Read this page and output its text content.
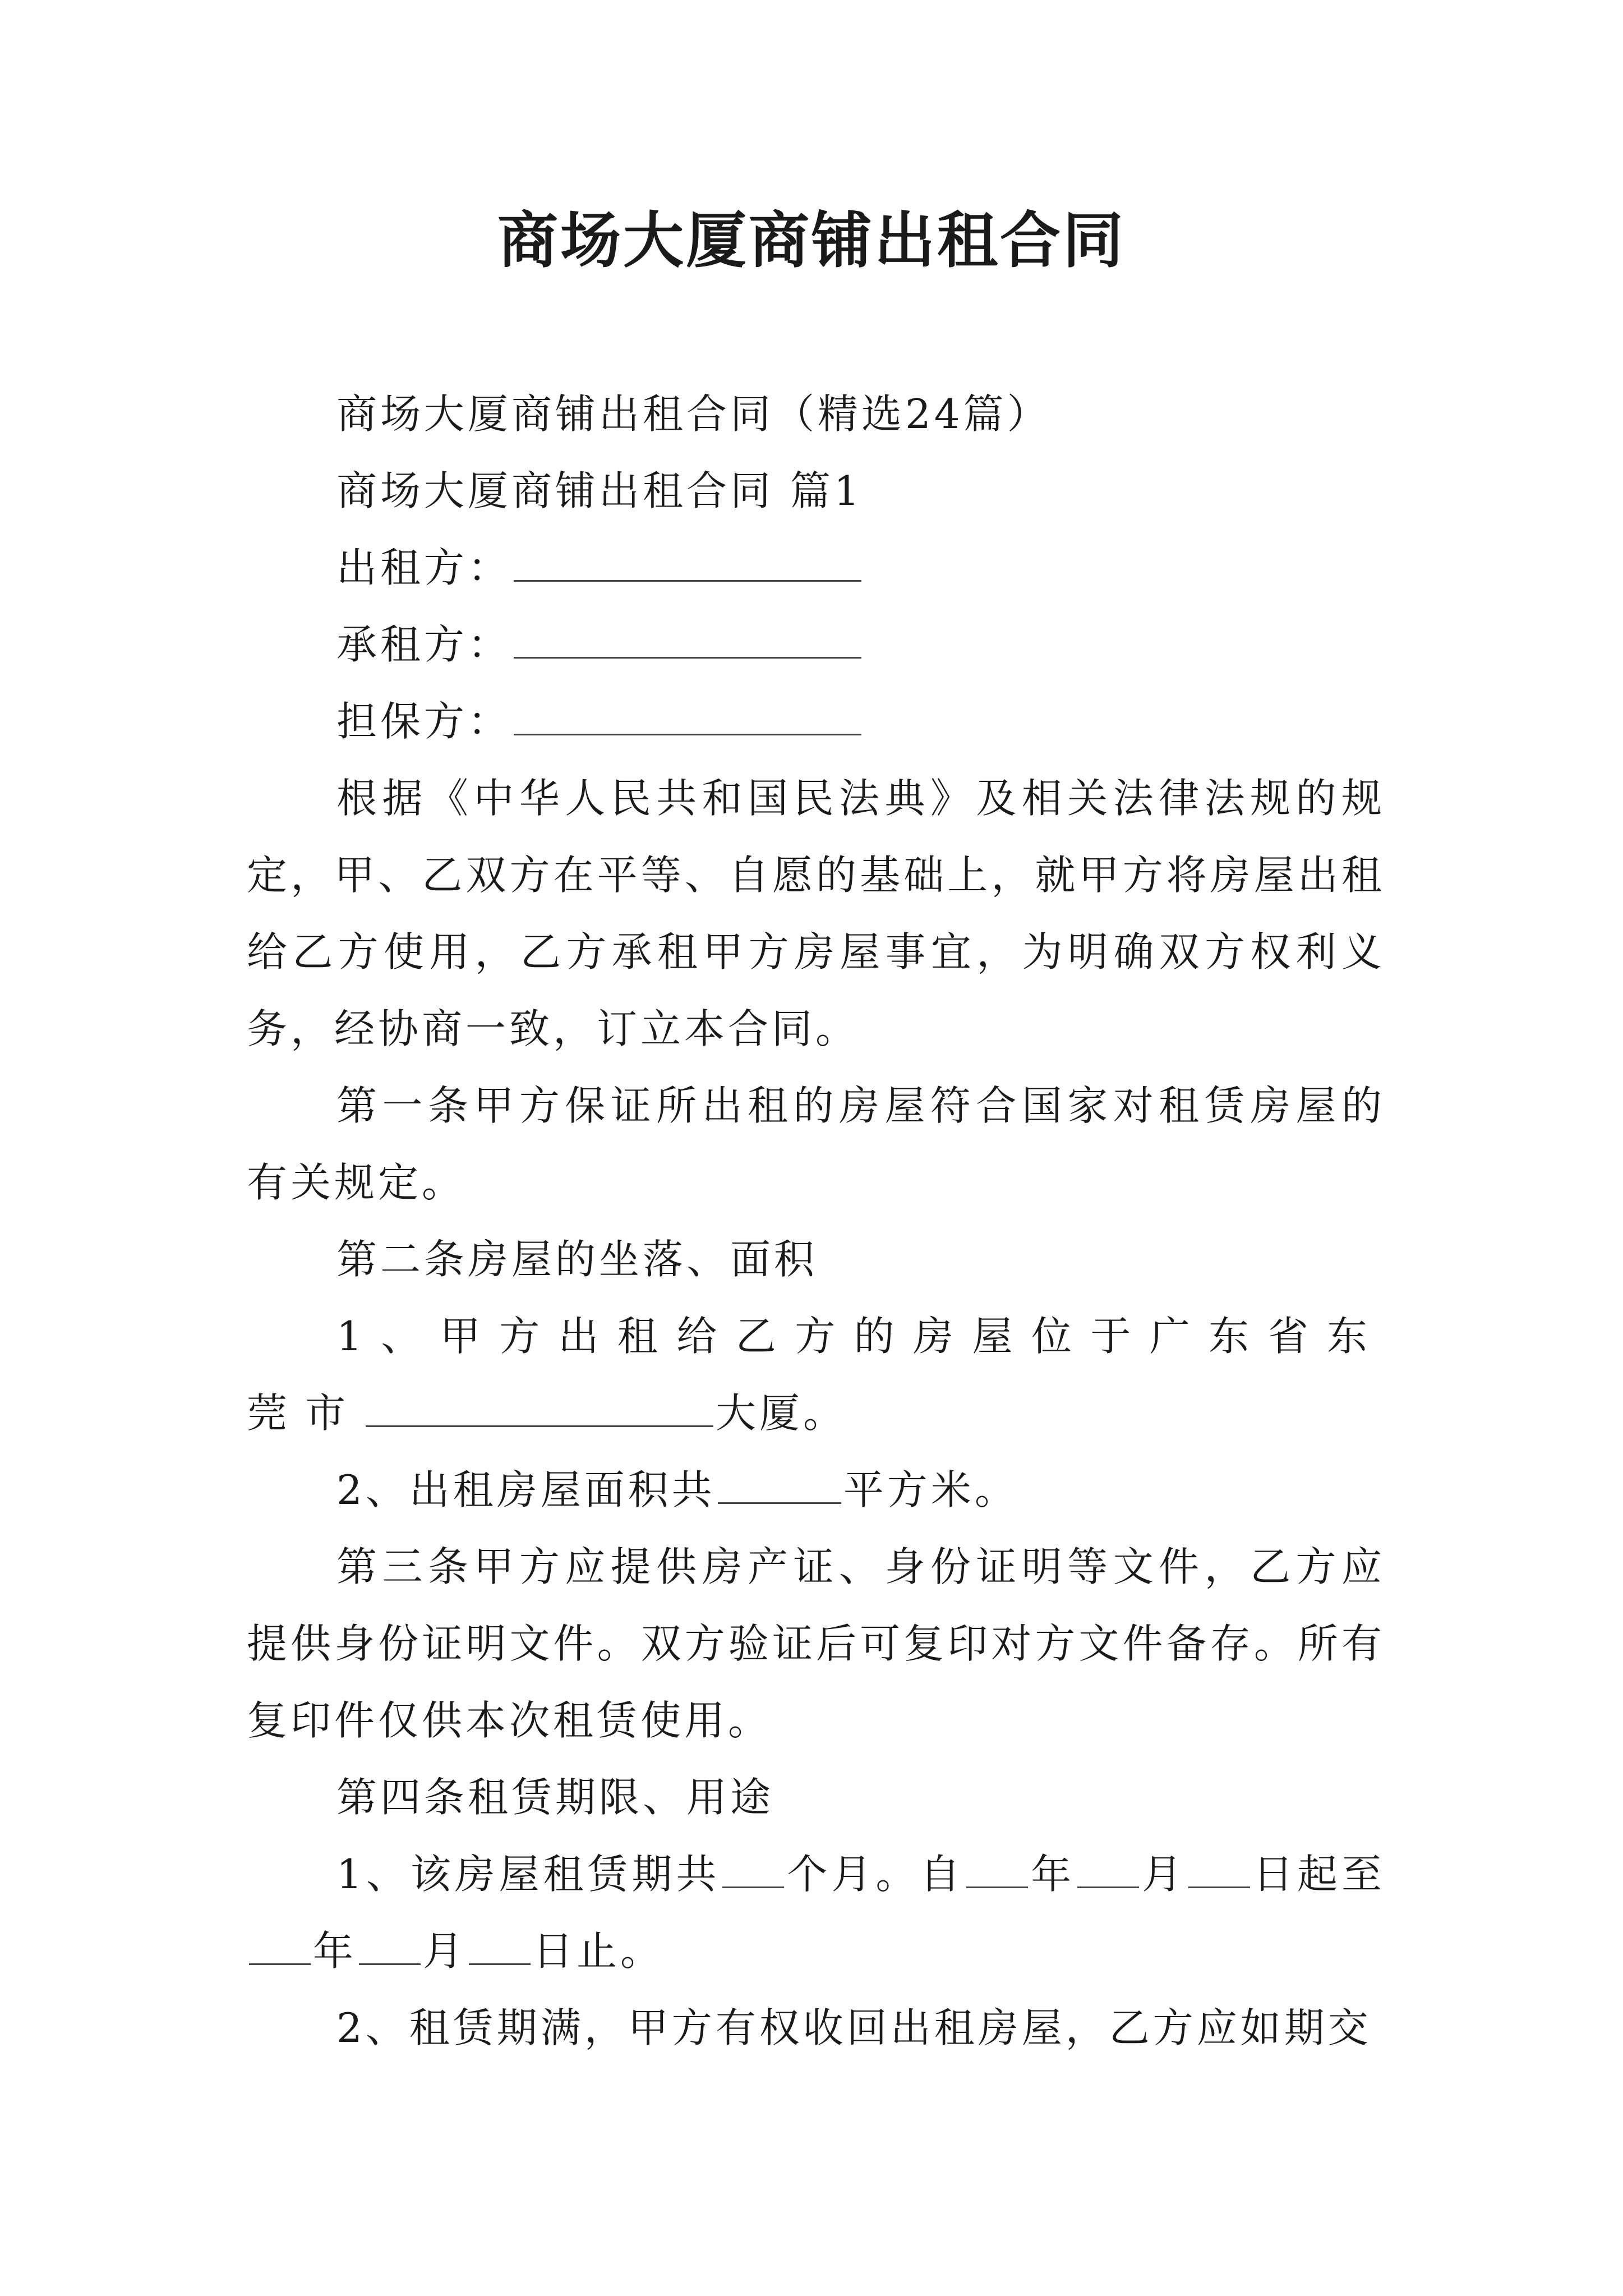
商场大厦商铺出租合同

商场大厦商铺出租合同（精选24篇）

商场大厦商铺出租合同 篇1

出租方：

承租方：

担保方：

根据《中华人民共和国民法典》及相关法律法规的规定，甲、乙双方在平等、自愿的基础上，就甲方将房屋出租给乙方使用，乙方承租甲方房屋事宜，为明确双方权利义务，经协商一致，订立本合同。

第一条甲方保证所出租的房屋符合国家对租赁房屋的有关规定。

第二条房屋的坐落、面积

1、甲方出租给乙方的房屋位于广东省东莞市	大厦。

2、出租房屋面积共	平方米。

第三条甲方应提供房产证、身份证明等文件，乙方应提供身份证明文件。双方验证后可复印对方文件备存。所有复印件仅供本次租赁使用。

第四条租赁期限、用途

1、该房屋租赁期共 个月。自 年 月 日起至年 月 日止。

2、租赁期满，甲方有权收回出租房屋，乙方应如期交
